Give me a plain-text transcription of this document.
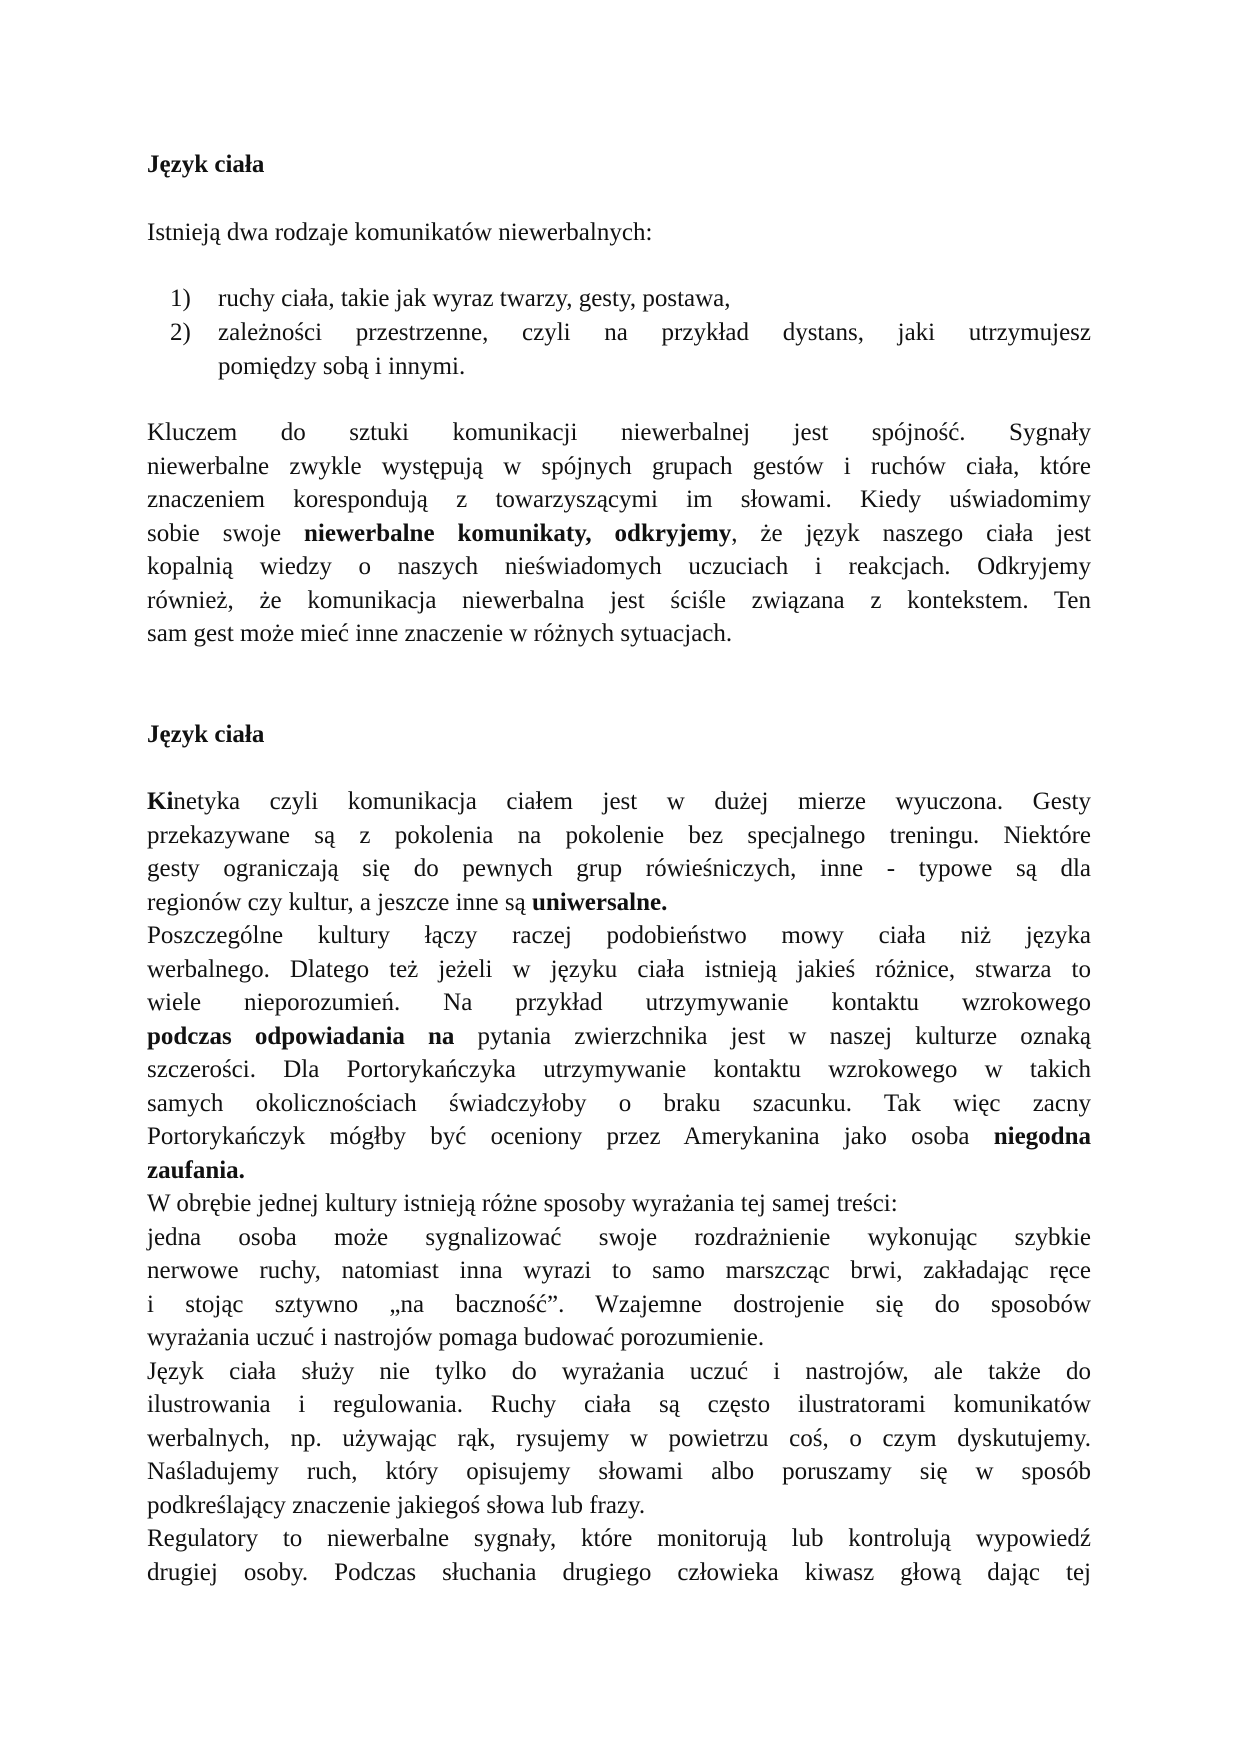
Język ciała
Istnieją dwa rodzaje komunikatów niewerbalnych:
1) ruchy ciała, takie jak wyraz twarzy, gesty, postawa,
2) zależności przestrzenne, czyli na przykład dystans, jaki utrzymujesz
pomiędzy sobą i innymi.
Kluczem do sztuki komunikacji niewerbalnej jest spójność. Sygnały
niewerbalne zwykle występują w spójnych grupach gestów i ruchów ciała, które
znaczeniem korespondują z towarzyszącymi im słowami. Kiedy uświadomimy
sobie swoje niewerbalne komunikaty, odkryjemy, że język naszego ciała jest
kopalnią wiedzy o naszych nieświadomych uczuciach i reakcjach. Odkryjemy
również, że komunikacja niewerbalna jest ściśle związana z kontekstem. Ten
sam gest może mieć inne znaczenie w różnych sytuacjach.
Język ciała
Kinetyka czyli komunikacja ciałem jest w dużej mierze wyuczona. Gesty
przekazywane są z pokolenia na pokolenie bez specjalnego treningu. Niektóre
gesty ograniczają się do pewnych grup rówieśniczych, inne - typowe są dla
regionów czy kultur, a jeszcze inne są uniwersalne.
Poszczególne kultury łączy raczej podobieństwo mowy ciała niż języka
werbalnego. Dlatego też jeżeli w języku ciała istnieją jakieś różnice, stwarza to
wiele nieporozumień. Na przykład utrzymywanie kontaktu wzrokowego
podczas odpowiadania na pytania zwierzchnika jest w naszej kulturze oznaką
szczerości. Dla Portorykańczyka utrzymywanie kontaktu wzrokowego w takich
samych okolicznościach świadczyłoby o braku szacunku. Tak więc zacny
Portorykańczyk mógłby być oceniony przez Amerykanina jako osoba niegodna
zaufania.
W obrębie jednej kultury istnieją różne sposoby wyrażania tej samej treści:
jedna osoba może sygnalizować swoje rozdrażnienie wykonując szybkie
nerwowe ruchy, natomiast inna wyrazi to samo marszcząc brwi, zakładając ręce
i stojąc sztywno „na baczność”. Wzajemne dostrojenie się do sposobów
wyrażania uczuć i nastrojów pomaga budować porozumienie.
Język ciała służy nie tylko do wyrażania uczuć i nastrojów, ale także do
ilustrowania i regulowania. Ruchy ciała są często ilustratorami komunikatów
werbalnych, np. używając rąk, rysujemy w powietrzu coś, o czym dyskutujemy.
Naśladujemy ruch, który opisujemy słowami albo poruszamy się w sposób
podkreślający znaczenie jakiegoś słowa lub frazy.
Regulatory to niewerbalne sygnały, które monitorują lub kontrolują wypowiedź
drugiej osoby. Podczas słuchania drugiego człowieka kiwasz głową dając tej
